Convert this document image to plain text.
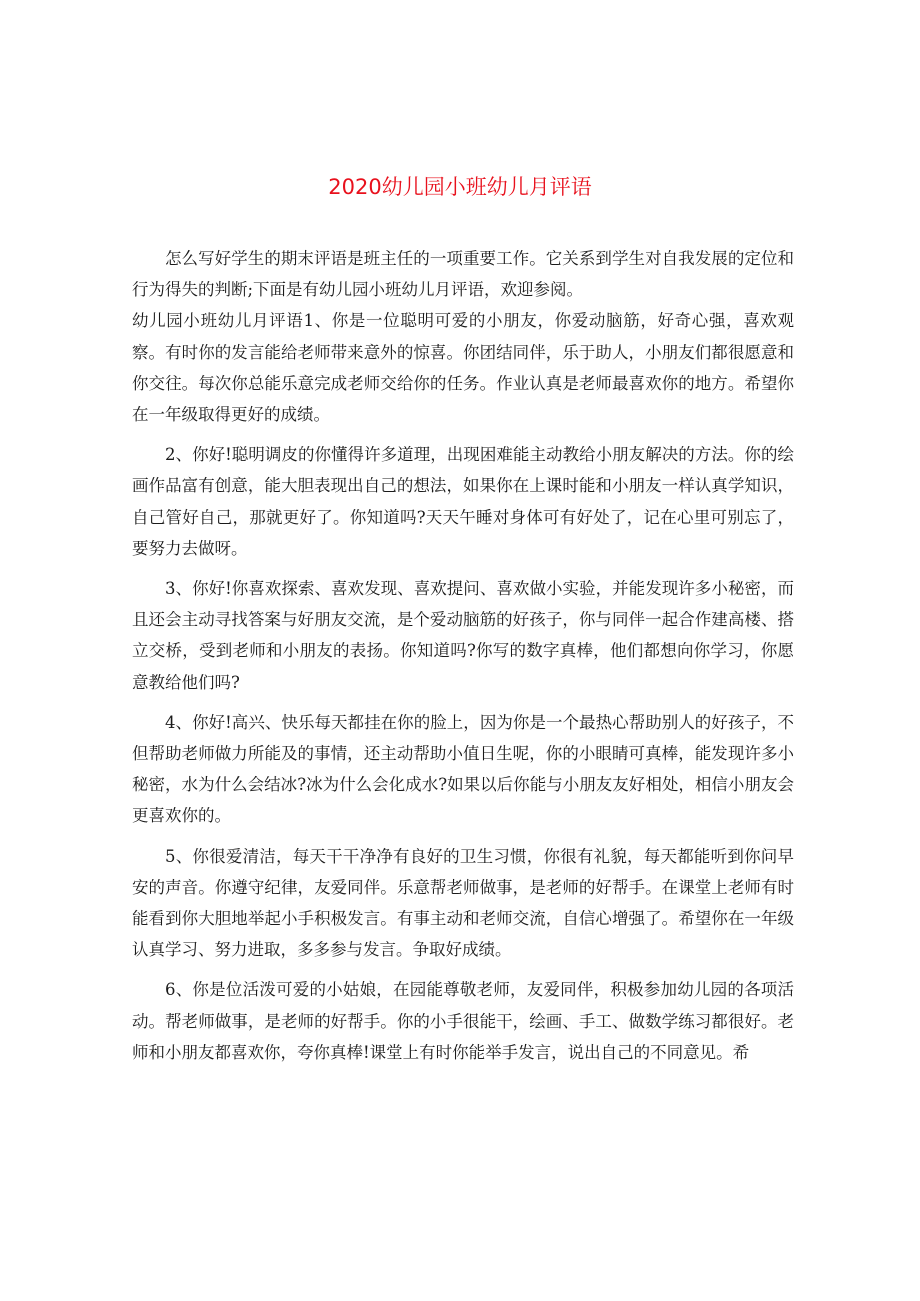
2020幼儿园小班幼儿月评语

怎么写好学生的期末评语是班主任的一项重要工作。它关系到学生对自我发展的定位和行为得失的判断;下面是有幼儿园小班幼儿月评语，欢迎参阅。

幼儿园小班幼儿月评语1、你是一位聪明可爱的小朋友，你爱动脑筋，好奇心强，喜欢观察。有时你的发言能给老师带来意外的惊喜。你团结同伴，乐于助人，小朋友们都很愿意和你交往。每次你总能乐意完成老师交给你的任务。作业认真是老师最喜欢你的地方。希望你在一年级取得更好的成绩。

2、你好!聪明调皮的你懂得许多道理，出现困难能主动教给小朋友解决的方法。你的绘画作品富有创意，能大胆表现出自己的想法，如果你在上课时能和小朋友一样认真学知识，自己管好自己，那就更好了。你知道吗?天天午睡对身体可有好处了，记在心里可别忘了，要努力去做呀。

3、你好!你喜欢探索、喜欢发现、喜欢提问、喜欢做小实验，并能发现许多小秘密，而且还会主动寻找答案与好朋友交流，是个爱动脑筋的好孩子，你与同伴一起合作建高楼、搭立交桥，受到老师和小朋友的表扬。你知道吗?你写的数字真棒，他们都想向你学习，你愿意教给他们吗?

4、你好!高兴、快乐每天都挂在你的脸上，因为你是一个最热心帮助别人的好孩子，不但帮助老师做力所能及的事情，还主动帮助小值日生呢，你的小眼睛可真棒，能发现许多小秘密，水为什么会结冰?冰为什么会化成水?如果以后你能与小朋友友好相处，相信小朋友会更喜欢你的。

5、你很爱清洁，每天干干净净有良好的卫生习惯，你很有礼貌，每天都能听到你问早安的声音。你遵守纪律，友爱同伴。乐意帮老师做事，是老师的好帮手。在课堂上老师有时能看到你大胆地举起小手积极发言。有事主动和老师交流，自信心增强了。希望你在一年级认真学习、努力进取，多多参与发言。争取好成绩。

6、你是位活泼可爱的小姑娘，在园能尊敬老师，友爱同伴，积极参加幼儿园的各项活动。帮老师做事，是老师的好帮手。你的小手很能干，绘画、手工、做数学练习都很好。老师和小朋友都喜欢你，夸你真棒!课堂上有时你能举手发言，说出自己的不同意见。希
